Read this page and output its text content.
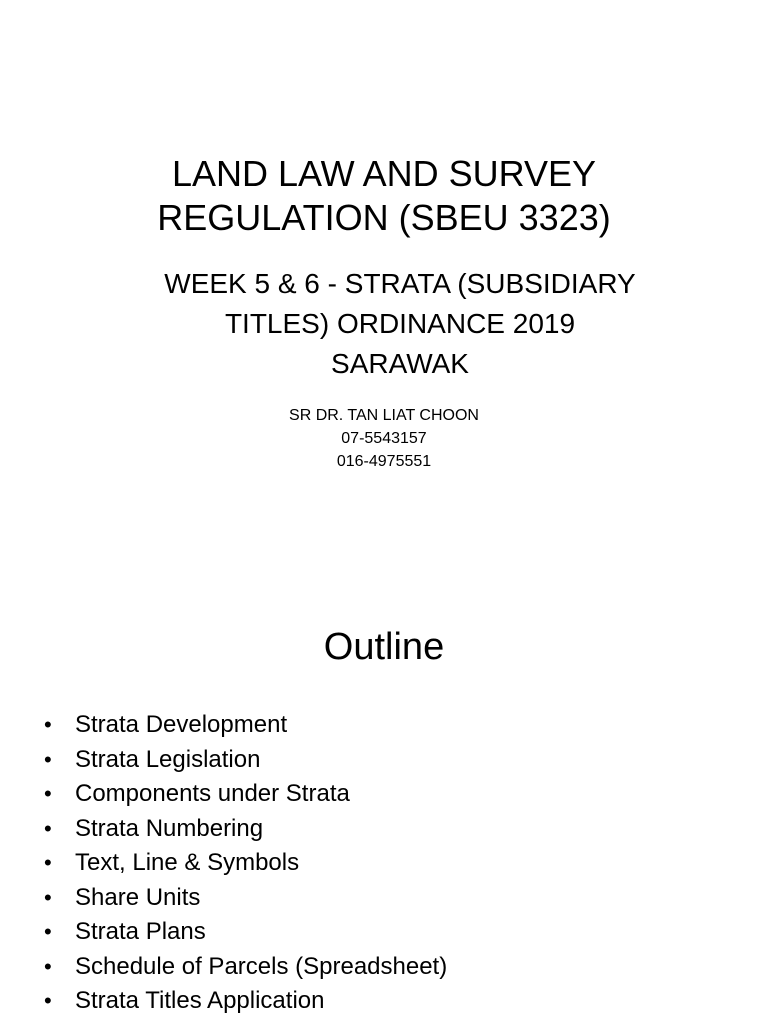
LAND LAW AND SURVEY
REGULATION (SBEU 3323)
WEEK 5 & 6 - STRATA (SUBSIDIARY
TITLES) ORDINANCE 2019
SARAWAK
SR DR. TAN LIAT CHOON
07-5543157
016-4975551
Outline
• Strata Development
• Strata Legislation
• Components under Strata
• Strata Numbering
• Text, Line & Symbols
• Share Units
• Strata Plans
• Schedule of Parcels (Spreadsheet)
• Strata Titles Application
